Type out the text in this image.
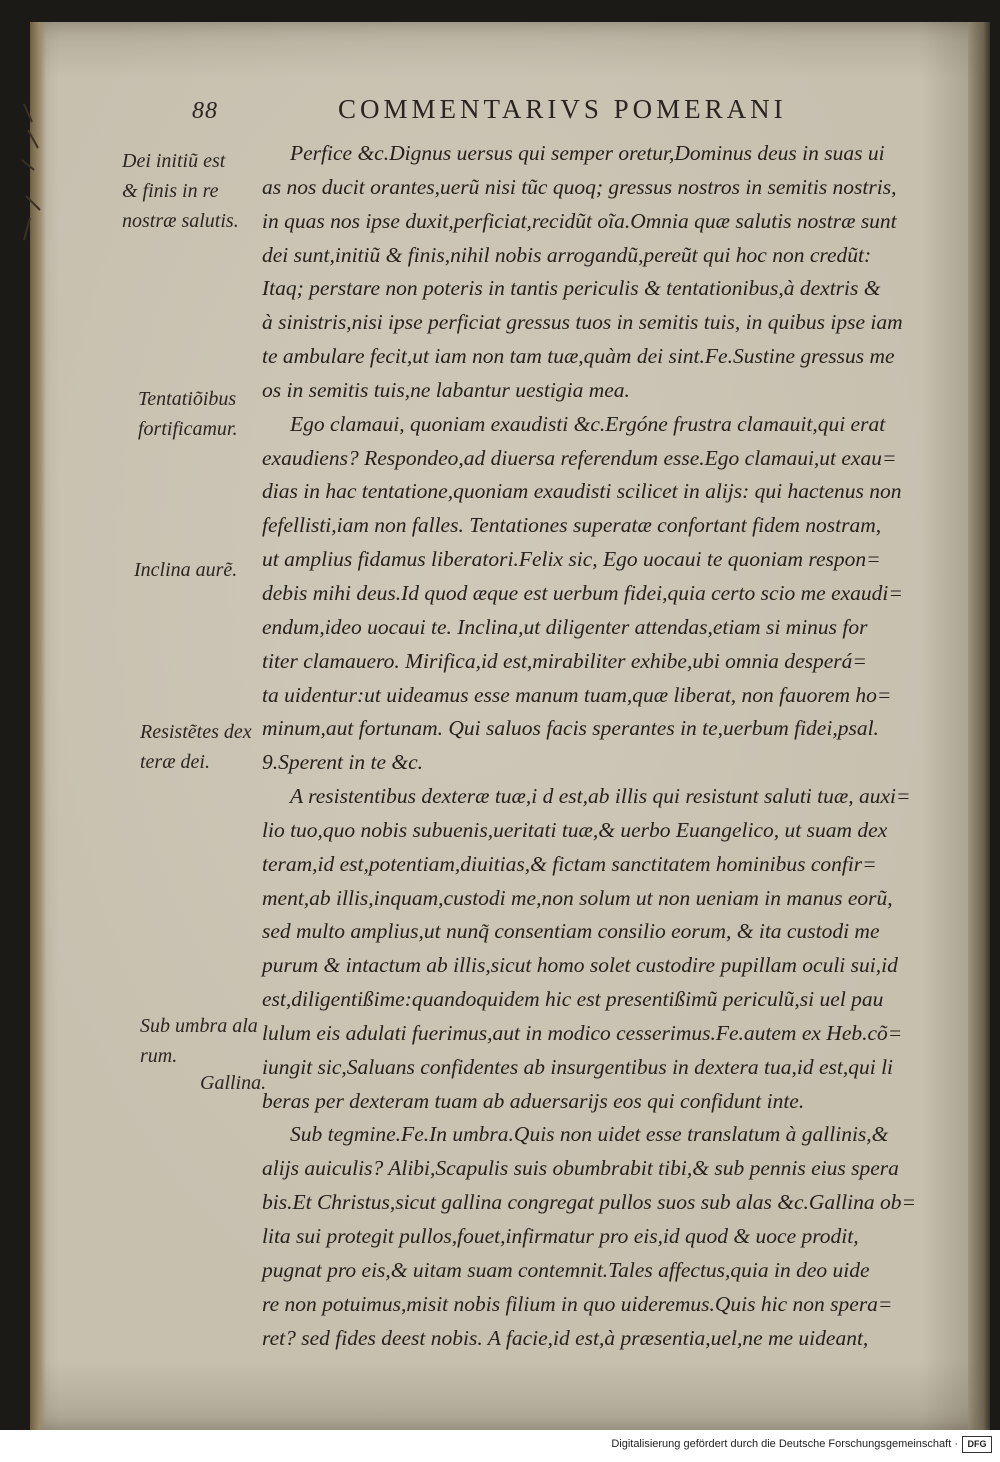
88	COMMENTARIVS POMERANI
Dei initiũ est
& finis in re
nostræ salutis.
Tentatiõibus
fortificamur.
Inclina aurẽ.
Resistẽtes dex
teræ dei.
Sub umbra ala
rum.
Gallina.
Perfice &c.Dignus uersus qui semper oretur,Dominus deus in suas ui
as nos ducit orantes,uerũ nisi tũc quoq; gressus nostros in semitis nostris,
in quas nos ipse duxit,perficiat,recidũt oĩa.Omnia quæ salutis nostræ sunt
dei sunt,initiũ & finis,nihil nobis arrogandũ,pereũt qui hoc non credũt:
Itaq; perstare non poteris in tantis periculis & tentationibus,à dextris &
à sinistris,nisi ipse perficiat gressus tuos in semitis tuis, in quibus ipse iam
te ambulare fecit,ut iam non tam tuæ,quàm dei sint.Fe.Sustine gressus me
os in semitis tuis,ne labantur uestigia mea.
Ego clamaui, quoniam exaudisti &c.Ergóne frustra clamauit,qui erat
exaudiens? Respondeo,ad diuersa referendum esse.Ego clamaui,ut exau=
dias in hac tentatione,quoniam exaudisti scilicet in alijs: qui hactenus non
fefellisti,iam non falles. Tentationes superatæ confortant fidem nostram,
ut amplius fidamus liberatori.Felix sic, Ego uocaui te quoniam respon=
debis mihi deus.Id quod æque est uerbum fidei,quia certo scio me exaudi=
endum,ideo uocaui te. Inclina,ut diligenter attendas,etiam si minus for
titer clamauero. Mirifica,id est,mirabiliter exhibe,ubi omnia desperá=
ta uidentur:ut uideamus esse manum tuam,quæ liberat, non fauorem ho=
minum,aut fortunam. Qui saluos facis sperantes in te,uerbum fidei,psal.
9.Sperent in te &c.
A resistentibus dexteræ tuæ,i d est,ab illis qui resistunt saluti tuæ, auxi=
lio tuo,quo nobis subuenis,ueritati tuæ,& uerbo Euangelico, ut suam dex
teram,id est,potentiam,diuitias,& fictam sanctitatem hominibus confir=
ment,ab illis,inquam,custodi me,non solum ut non ueniam in manus eorũ,
sed multo amplius,ut nunq̃ consentiam consilio eorum, & ita custodi me
purum & intactum ab illis,sicut homo solet custodire pupillam oculi sui,id
est,diligentißime:quandoquidem hic est presentißimũ periculũ,si uel pau
lulum eis adulati fuerimus,aut in modico cesserimus.Fe.autem ex Heb.cõ=
iungit sic,Saluans confidentes ab insurgentibus in dextera tua,id est,qui li
beras per dexteram tuam ab aduersarijs eos qui confidunt inte.
Sub tegmine.Fe.In umbra.Quis non uidet esse translatum à gallinis,&
alijs auiculis? Alibi,Scapulis suis obumbrabit tibi,& sub pennis eius spera
bis.Et Christus,sicut gallina congregat pullos suos sub alas &c.Gallina ob=
lita sui protegit pullos,fouet,infirmatur pro eis,id quod & uoce prodit,
pugnat pro eis,& uitam suam contemnit.Tales affectus,quia in deo uide
re non potuimus,misit nobis filium in quo uideremus.Quis hic non spera=
ret? sed fides deest nobis. A facie,id est,à præsentia,uel,ne me uideant,
Digitalisierung gefördert durch die Deutsche Forschungsgemeinschaft ·	DFG
